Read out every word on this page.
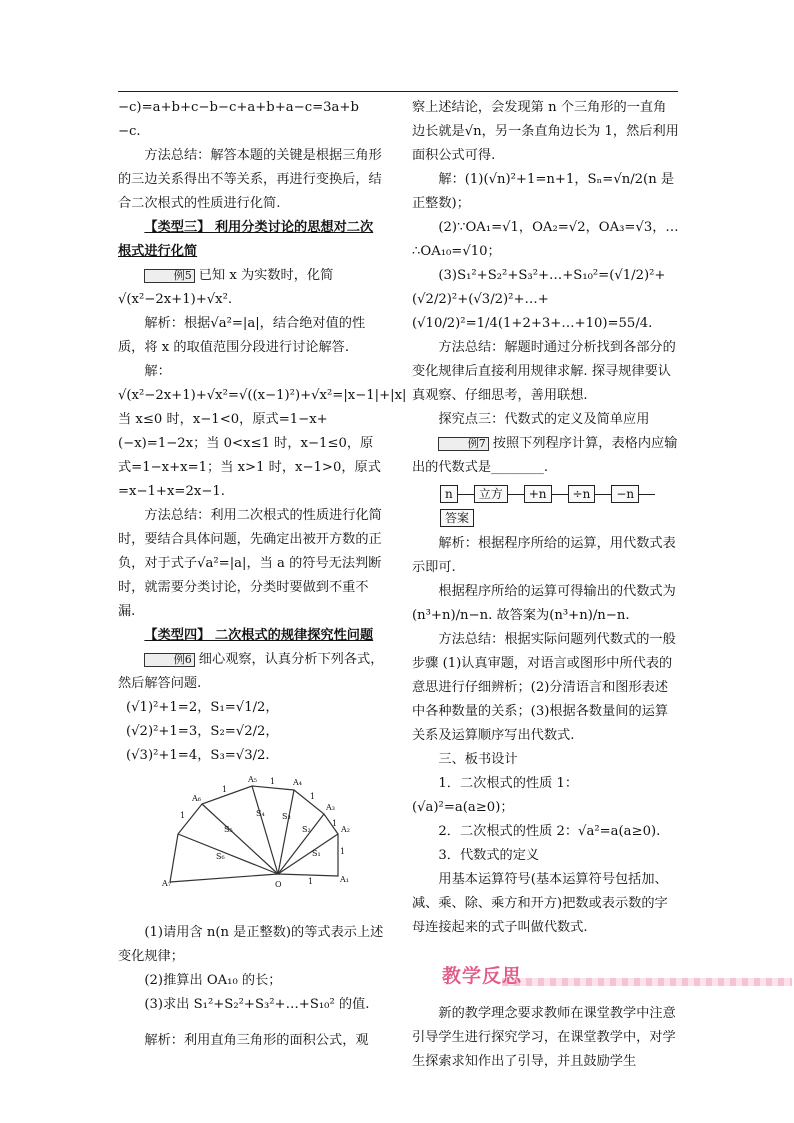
−c)=a+b+c−b−c+a+b+a−c=3a+b

−c.

方法总结：解答本题的关键是根据三角形的三边关系得出不等关系，再进行变换后，结合二次根式的性质进行化简.

【类型三】 利用分类讨论的思想对二次根式进行化简

例5 已知 x 为实数时，化简√(x²−2x+1)+√x².

解析：根据√a²=|a|，结合绝对值的性质，将 x 的取值范围分段进行讨论解答.

解：√(x²−2x+1)+√x²=√((x−1)²)+√x²=|x−1|+|x|当 x≤0 时，x−1<0，原式=1−x+(−x)=1−2x；当 0<x≤1 时，x−1≤0，原式=1−x+x=1；当 x>1 时，x−1>0，原式=x−1+x=2x−1.

方法总结：利用二次根式的性质进行化简时，要结合具体问题，先确定出被开方数的正负，对于式子√a²=|a|，当 a 的符号无法判断时，就需要分类讨论，分类时要做到不重不漏.

【类型四】 二次根式的规律探究性问题

例6 细心观察，认真分析下列各式，然后解答问题.

(√1)²+1=2，S₁=√1/2，

(√2)²+1=3，S₂=√2/2，

(√3)²+1=4，S₃=√3/2.

A₁
A₂
A₃
A₄
A₅
A₆
A₇	O
S₁
S₂
S₃
S₄
S₅
S₆
1
1
1
1
1
1
1

(1)请用含 n(n 是正整数)的等式表示上述变化规律；

(2)推算出 OA₁₀ 的长；

(3)求出 S₁²+S₂²+S₃²+…+S₁₀² 的值.

解析：利用直角三角形的面积公式，观

察上述结论，会发现第 n 个三角形的一直角边长就是√n，另一条直角边长为 1，然后利用面积公式可得.

解：(1)(√n)²+1=n+1，Sₙ=√n/2(n 是正整数)；

(2)∵OA₁=√1，OA₂=√2，OA₃=√3，…∴OA₁₀=√10；

(3)S₁²+S₂²+S₃²+…+S₁₀²=(√1/2)²+(√2/2)²+(√3/2)²+…+(√10/2)²=1/4(1+2+3+…+10)=55/4.

方法总结：解题时通过分析找到各部分的变化规律后直接利用规律求解. 探寻规律要认真观察、仔细思考，善用联想.

探究点三：代数式的定义及简单应用

例7 按照下列程序计算，表格内应输出的代数式是________.

n 立方 +n ÷n −n答案

解析：根据程序所给的运算，用代数式表示即可.

根据程序所给的运算可得输出的代数式为(n³+n)/n−n. 故答案为(n³+n)/n−n.

方法总结：根据实际问题列代数式的一般步骤 (1)认真审题，对语言或图形中所代表的意思进行仔细辨析；(2)分清语言和图形表述中各种数量的关系；(3)根据各数量间的运算关系及运算顺序写出代数式.

三、板书设计

1．二次根式的性质 1：(√a)²=a(a≥0)；

2．二次根式的性质 2：√a²=a(a≥0).

3．代数式的定义

用基本运算符号(基本运算符号包括加、减、乘、除、乘方和开方)把数或表示数的字母连接起来的式子叫做代数式.

教学反思

新的教学理念要求教师在课堂教学中注意引导学生进行探究学习，在课堂教学中，对学生探索求知作出了引导，并且鼓励学生
